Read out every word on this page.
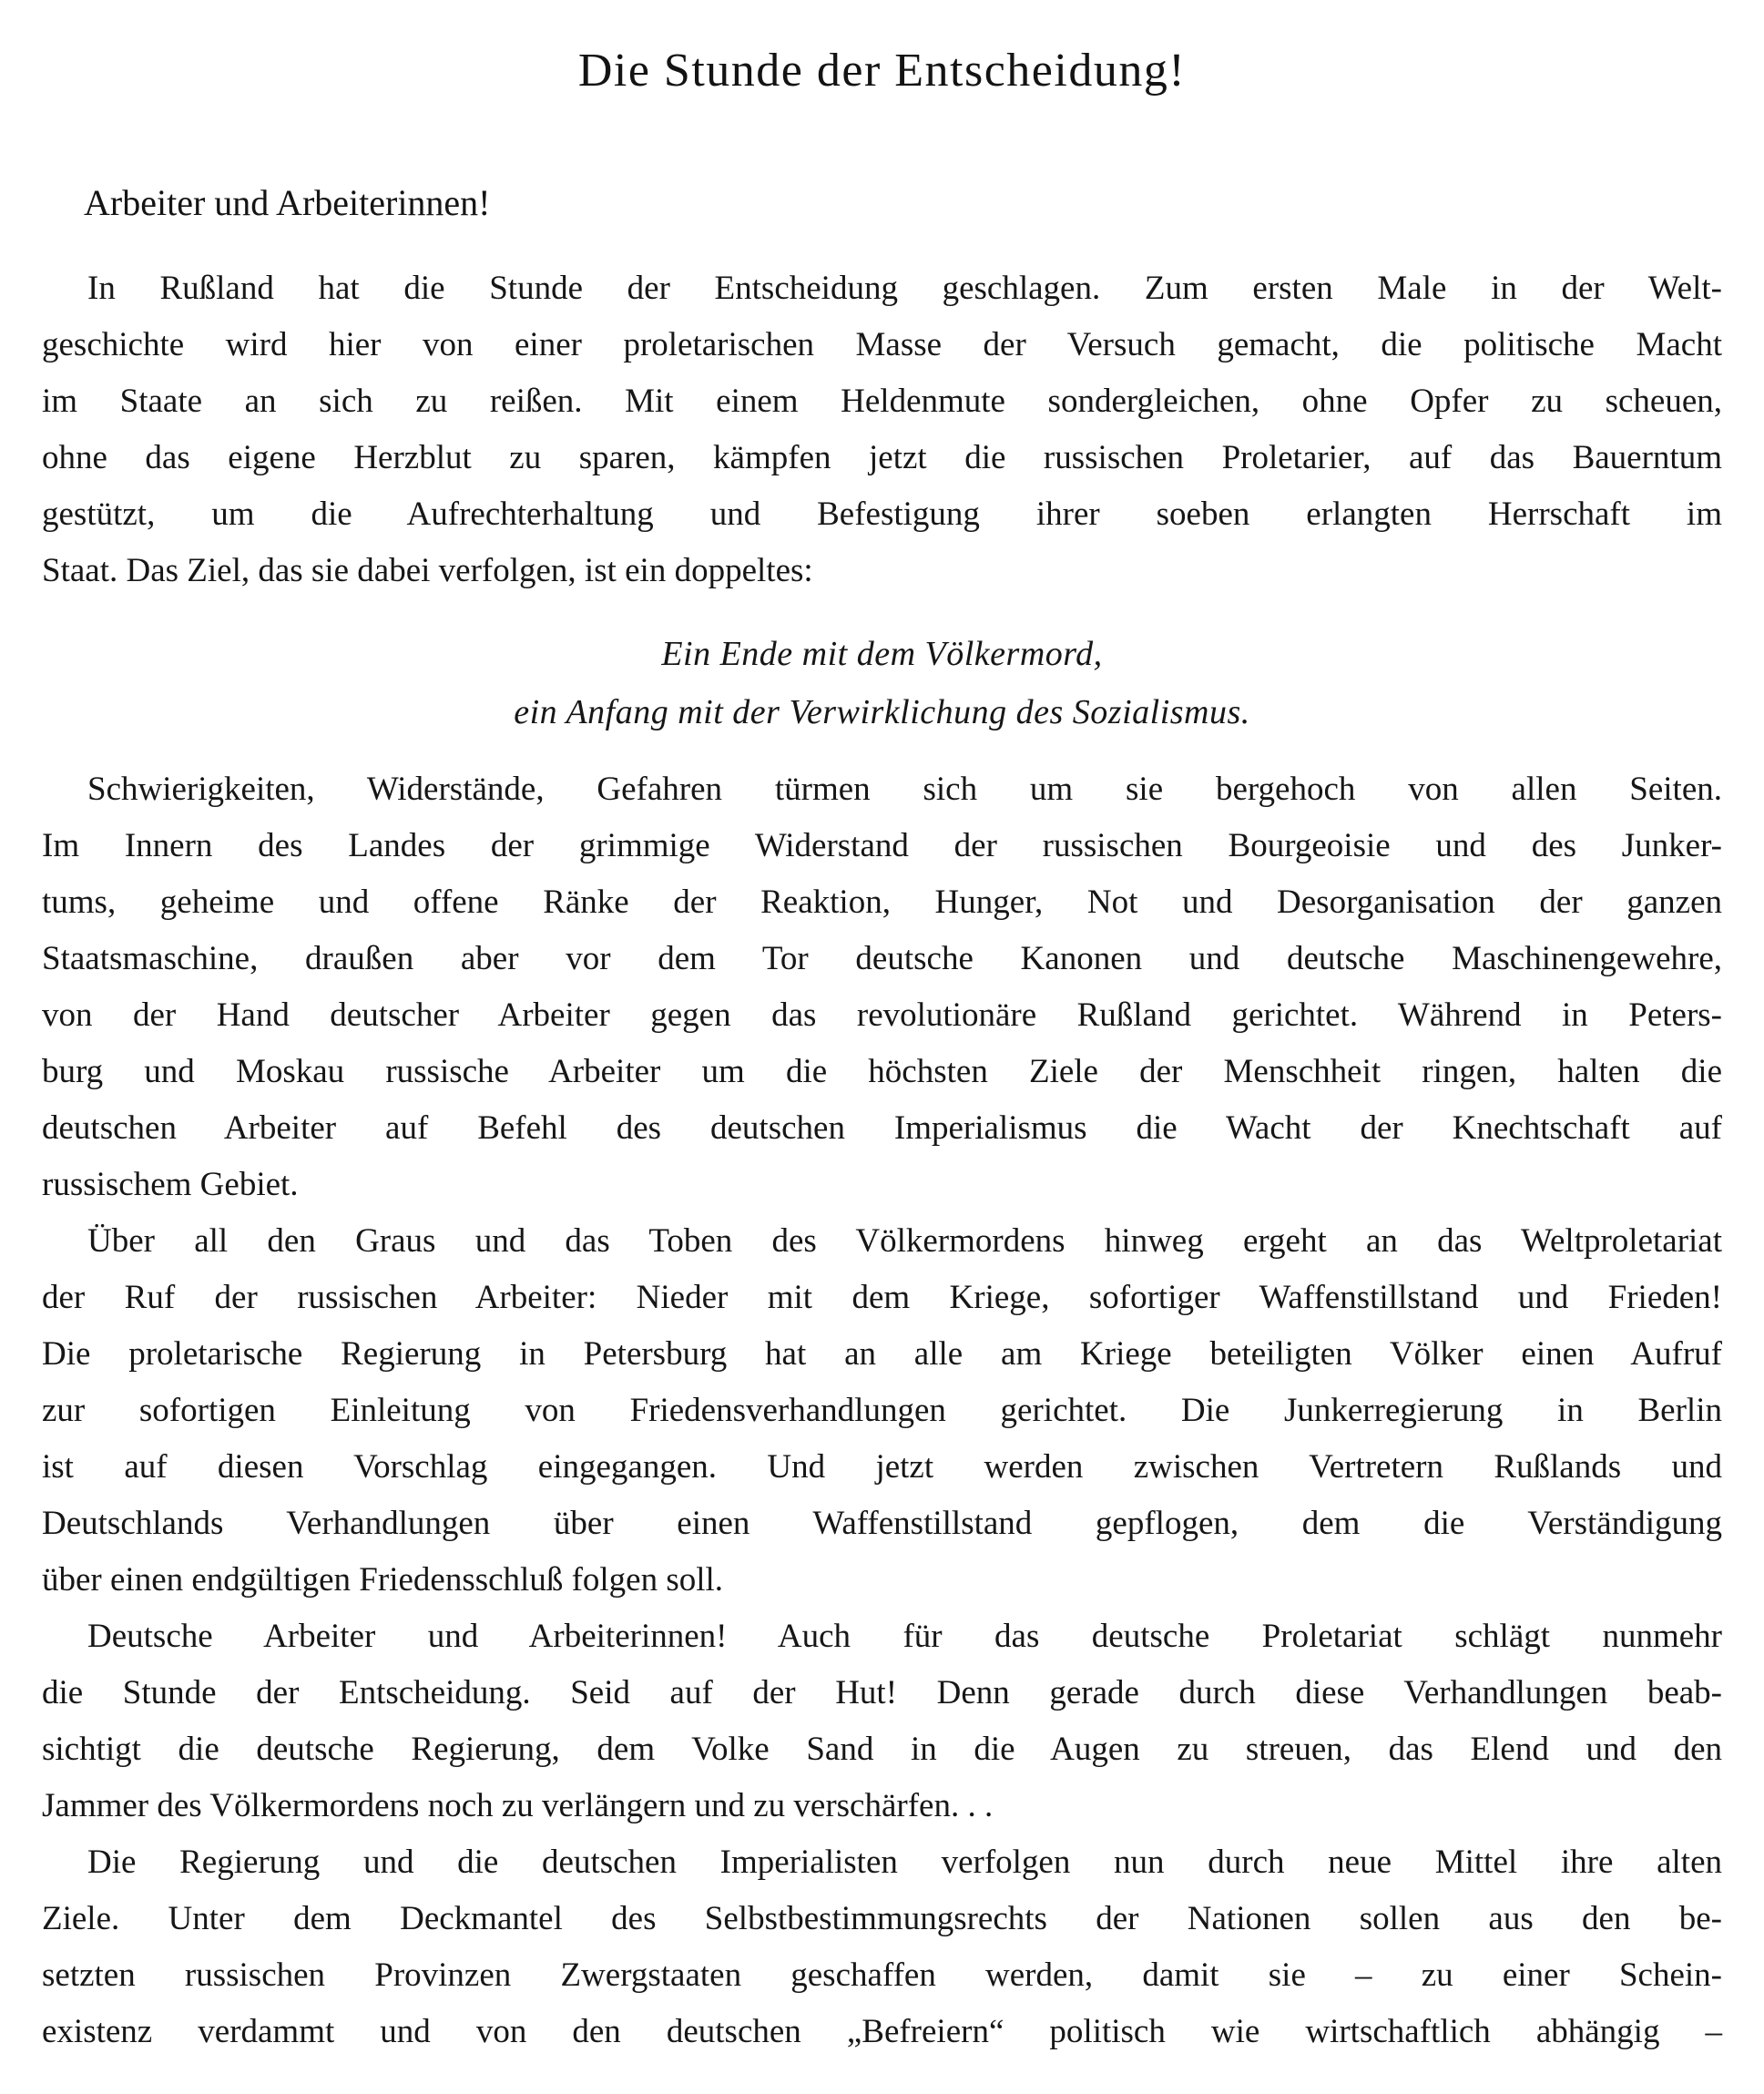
Die Stunde der Entscheidung!

Arbeiter und Arbeiterinnen!

In Rußland hat die Stunde der Entscheidung geschlagen. Zum ersten Male in der Welt-
geschichte wird hier von einer proletarischen Masse der Versuch gemacht, die politische Macht
im Staate an sich zu reißen. Mit einem Heldenmute sondergleichen, ohne Opfer zu scheuen,
ohne das eigene Herzblut zu sparen, kämpfen jetzt die russischen Proletarier, auf das Bauerntum
gestützt, um die Aufrechterhaltung und Befestigung ihrer soeben erlangten Herrschaft im
Staat. Das Ziel, das sie dabei verfolgen, ist ein doppeltes:
Ein Ende mit dem Völkermord,
ein Anfang mit der Verwirklichung des Sozialismus.
Schwierigkeiten, Widerstände, Gefahren türmen sich um sie bergehoch von allen Seiten.
Im Innern des Landes der grimmige Widerstand der russischen Bourgeoisie und des Junker-
tums, geheime und offene Ränke der Reaktion, Hunger, Not und Desorganisation der ganzen
Staatsmaschine, draußen aber vor dem Tor deutsche Kanonen und deutsche Maschinengewehre,
von der Hand deutscher Arbeiter gegen das revolutionäre Rußland gerichtet. Während in Peters-
burg und Moskau russische Arbeiter um die höchsten Ziele der Menschheit ringen, halten die
deutschen Arbeiter auf Befehl des deutschen Imperialismus die Wacht der Knechtschaft auf
russischem Gebiet.
Über all den Graus und das Toben des Völkermordens hinweg ergeht an das Weltproletariat
der Ruf der russischen Arbeiter: Nieder mit dem Kriege, sofortiger Waffenstillstand und Frieden!
Die proletarische Regierung in Petersburg hat an alle am Kriege beteiligten Völker einen Aufruf
zur sofortigen Einleitung von Friedensverhandlungen gerichtet. Die Junkerregierung in Berlin
ist auf diesen Vorschlag eingegangen. Und jetzt werden zwischen Vertretern Rußlands und
Deutschlands Verhandlungen über einen Waffenstillstand gepflogen, dem die Verständigung
über einen endgültigen Friedensschluß folgen soll.
Deutsche Arbeiter und Arbeiterinnen! Auch für das deutsche Proletariat schlägt nunmehr
die Stunde der Entscheidung. Seid auf der Hut! Denn gerade durch diese Verhandlungen beab-
sichtigt die deutsche Regierung, dem Volke Sand in die Augen zu streuen, das Elend und den
Jammer des Völkermordens noch zu verlängern und zu verschärfen. . .
Die Regierung und die deutschen Imperialisten verfolgen nun durch neue Mittel ihre alten
Ziele. Unter dem Deckmantel des Selbstbestimmungsrechts der Nationen sollen aus den be-
setzten russischen Provinzen Zwergstaaten geschaffen werden, damit sie – zu einer Schein-
existenz verdammt und von den deutschen „Befreiern“ politisch wie wirtschaftlich abhängig –
